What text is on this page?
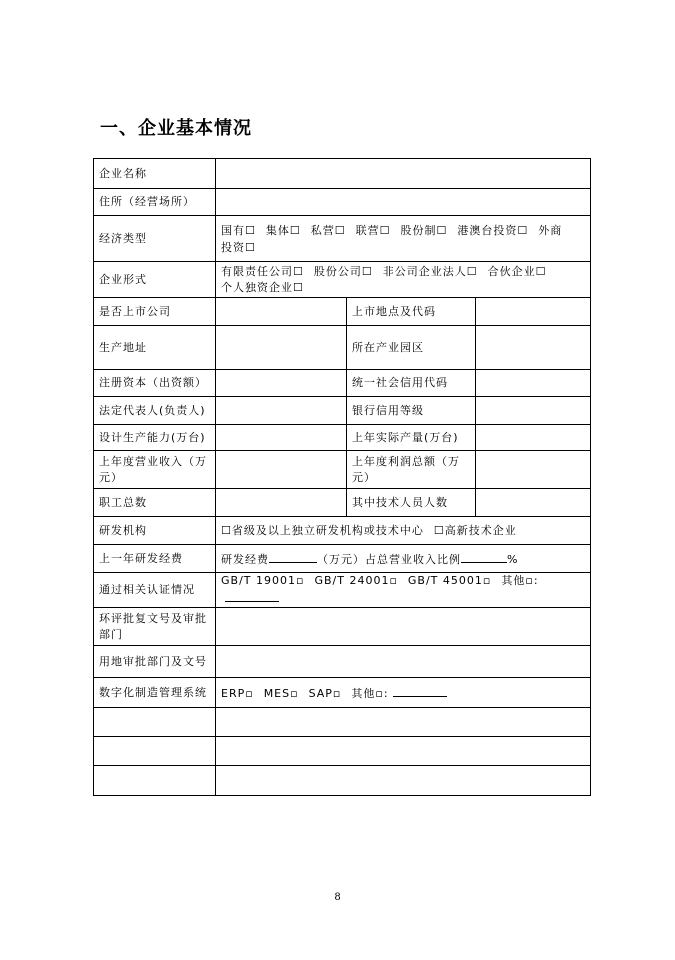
一、企业基本情况
企业名称			
住所（经营场所）			
经济类型	国有☐ 集体☐ 私营☐ 联营☐ 股份制☐ 港澳台投资☐ 外商
投资☐		
企业形式	有限责任公司☐ 股份公司☐ 非公司企业法人☐ 合伙企业☐
个人独资企业☐		
是否上市公司		上市地点及代码	
生产地址		所在产业园区	
注册资本（出资额）		统一社会信用代码	
法定代表人(负责人)		银行信用等级	
设计生产能力(万台)		上年实际产量(万台)	
上年度营业收入（万元）		上年度利润总额（万元）	
职工总数		其中技术人员人数	
研发机构	☐省级及以上独立研发机构或技术中心 ☐高新技术企业		
上一年研发经费	研发经费 （万元）占总营业收入比例 %		
通过相关认证情况	GB/T 19001▫ GB/T 24001▫ GB/T 45001▫ 其他▫:		
环评批复文号及审批部门			
用地审批部门及文号			
数字化制造管理系统	ERP▫ MES▫ SAP▫ 其他▫:		

8
